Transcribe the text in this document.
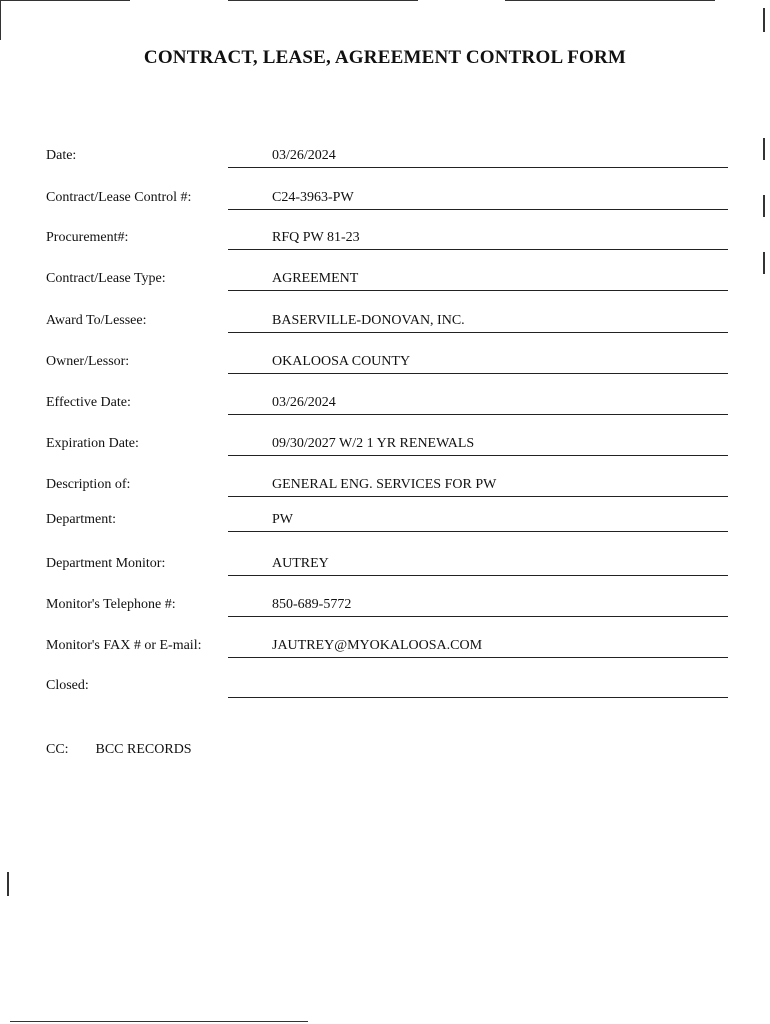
CONTRACT, LEASE, AGREEMENT CONTROL FORM
Date:	03/26/2024
Contract/Lease Control #:	C24-3963-PW
Procurement#:	RFQ PW 81-23
Contract/Lease Type:	AGREEMENT
Award To/Lessee:	BASERVILLE-DONOVAN, INC.
Owner/Lessor:	OKALOOSA COUNTY
Effective Date:	03/26/2024
Expiration Date:	09/30/2027 W/2 1 YR RENEWALS
Description of:	GENERAL ENG. SERVICES FOR PW
Department:	PW
Department Monitor:	AUTREY
Monitor's Telephone #:	850-689-5772
Monitor's FAX # or E-mail:	JAUTREY@MYOKALOOSA.COM
Closed:
CC: BCC RECORDS
